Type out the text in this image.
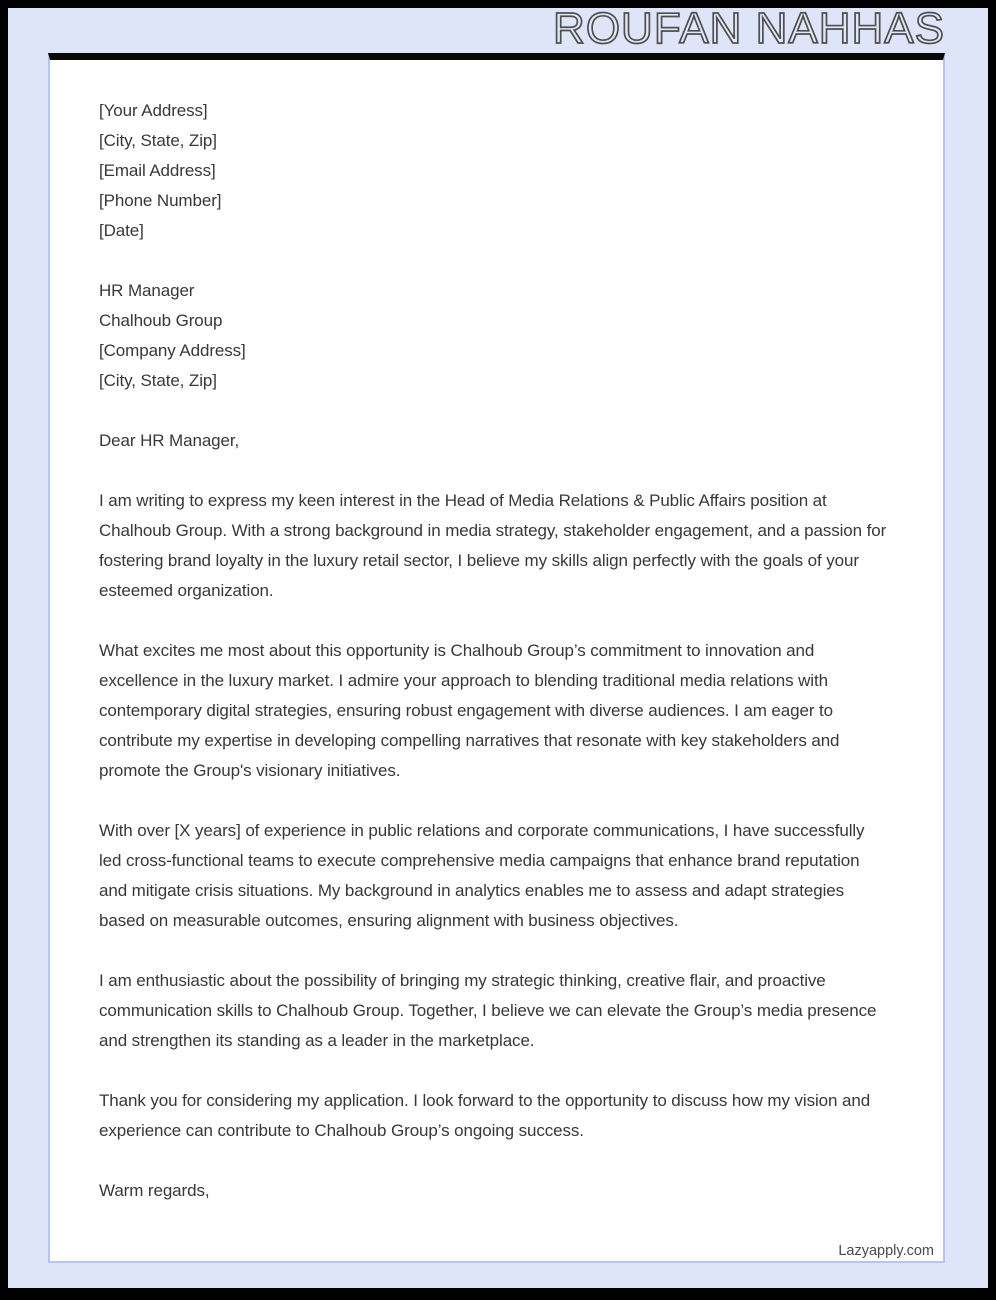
ROUFAN NAHHAS
[Your Address]
[City, State, Zip]
[Email Address]
[Phone Number]
[Date]
HR Manager
Chalhoub Group
[Company Address]
[City, State, Zip]
Dear HR Manager,
I am writing to express my keen interest in the Head of Media Relations & Public Affairs position at Chalhoub Group. With a strong background in media strategy, stakeholder engagement, and a passion for fostering brand loyalty in the luxury retail sector, I believe my skills align perfectly with the goals of your esteemed organization.
What excites me most about this opportunity is Chalhoub Group’s commitment to innovation and excellence in the luxury market. I admire your approach to blending traditional media relations with contemporary digital strategies, ensuring robust engagement with diverse audiences. I am eager to contribute my expertise in developing compelling narratives that resonate with key stakeholders and promote the Group's visionary initiatives.
With over [X years] of experience in public relations and corporate communications, I have successfully led cross-functional teams to execute comprehensive media campaigns that enhance brand reputation and mitigate crisis situations. My background in analytics enables me to assess and adapt strategies based on measurable outcomes, ensuring alignment with business objectives.
I am enthusiastic about the possibility of bringing my strategic thinking, creative flair, and proactive communication skills to Chalhoub Group. Together, I believe we can elevate the Group’s media presence and strengthen its standing as a leader in the marketplace.
Thank you for considering my application. I look forward to the opportunity to discuss how my vision and experience can contribute to Chalhoub Group’s ongoing success.
Warm regards,
Lazyapply.com
